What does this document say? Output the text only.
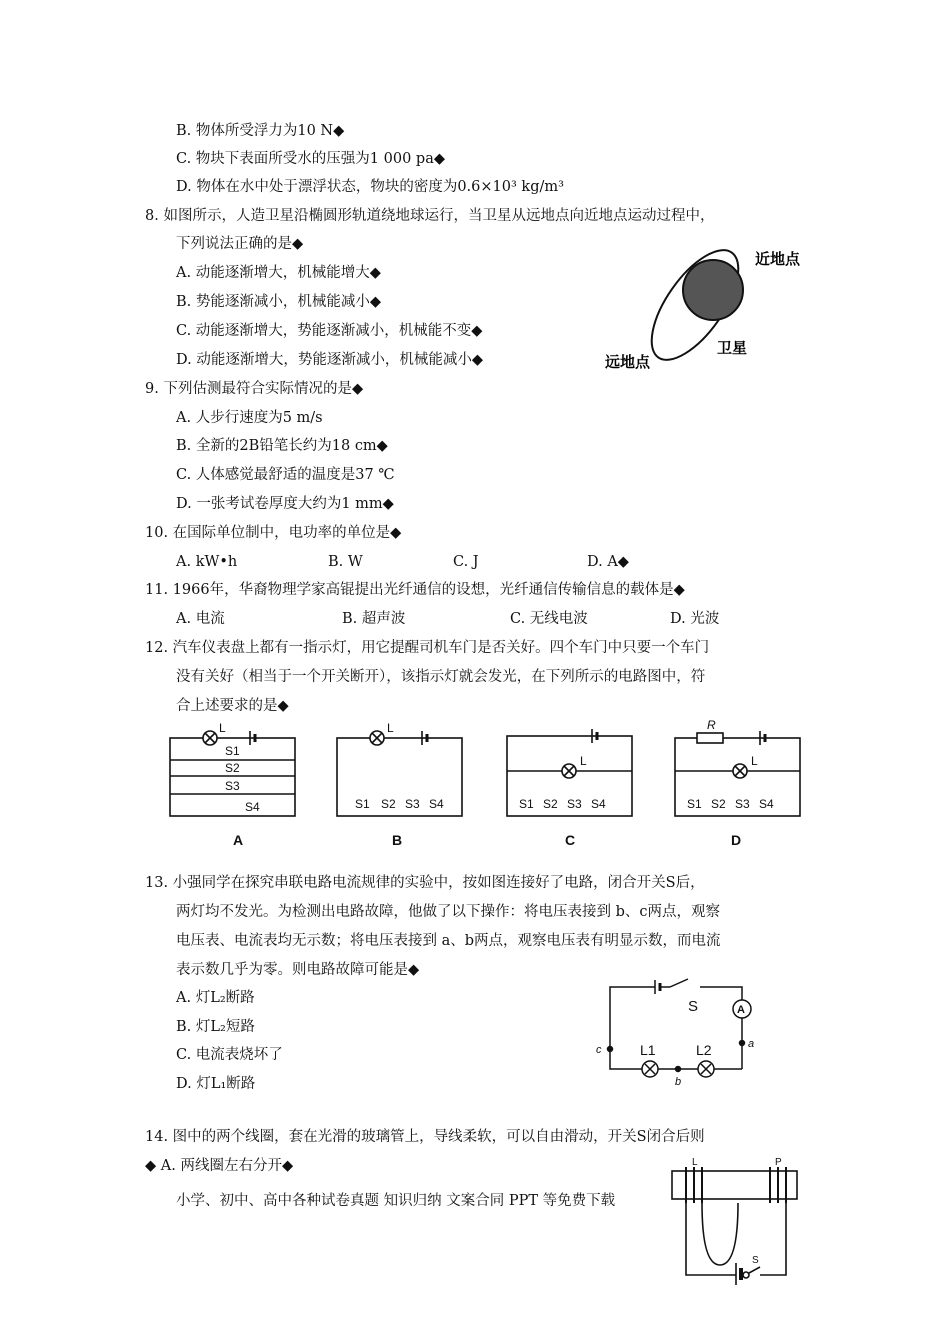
B. 物体所受浮力为10 N◆
C. 物块下表面所受水的压强为1 000 pa◆
D. 物体在水中处于漂浮状态，物块的密度为0.6×10³ kg/m³
8. 如图所示，人造卫星沿椭圆形轨道绕地球运行，当卫星从远地点向近地点运动过程中，
下列说法正确的是◆
A. 动能逐渐增大，机械能增大◆
B. 势能逐渐减小，机械能减小◆
C. 动能逐渐增大，势能逐渐减小，机械能不变◆
D. 动能逐渐增大，势能逐渐减小，机械能减小◆
近地点
远地点
卫星
9. 下列估测最符合实际情况的是◆
A. 人步行速度为5 m/s
B. 全新的2B铅笔长约为18 cm◆
C. 人体感觉最舒适的温度是37 ℃
D. 一张考试卷厚度大约为1 mm◆
10. 在国际单位制中，电功率的单位是◆
A. kW•h	B. W	C. J	D. A◆
11. 1966年，华裔物理学家高锟提出光纤通信的设想，光纤通信传输信息的载体是◆
A. 电流	B. 超声波	C. 无线电波	D. 光波
12. 汽车仪表盘上都有一指示灯，用它提醒司机车门是否关好。四个车门中只要一个车门
没有关好（相当于一个开关断开），该指示灯就会发光，在下列所示的电路图中，符
合上述要求的是◆
L
S1
S2
S3
S4
A
L
S1 S2 S3 S4
B
L
S1 S2 S3 S4
C
R
L
S1 S2 S3 S4
D
13. 小强同学在探究串联电路电流规律的实验中，按如图连接好了电路，闭合开关S后，
两灯均不发光。为检测出电路故障，他做了以下操作：将电压表接到 b、c两点，观察
电压表、电流表均无示数；将电压表接到 a、b两点，观察电压表有明显示数，而电流
表示数几乎为零。则电路故障可能是◆
A. 灯L₂断路
B. 灯L₂短路
C. 电流表烧坏了
D. 灯L₁断路
A
S
a
b
c	L1	L2
14. 图中的两个线圈，套在光滑的玻璃管上，导线柔软，可以自由滑动，开关S闭合后则
◆ A. 两线圈左右分开◆
小学、初中、高中各种试卷真题 知识归纳 文案合同 PPT 等免费下载
L	P
S
